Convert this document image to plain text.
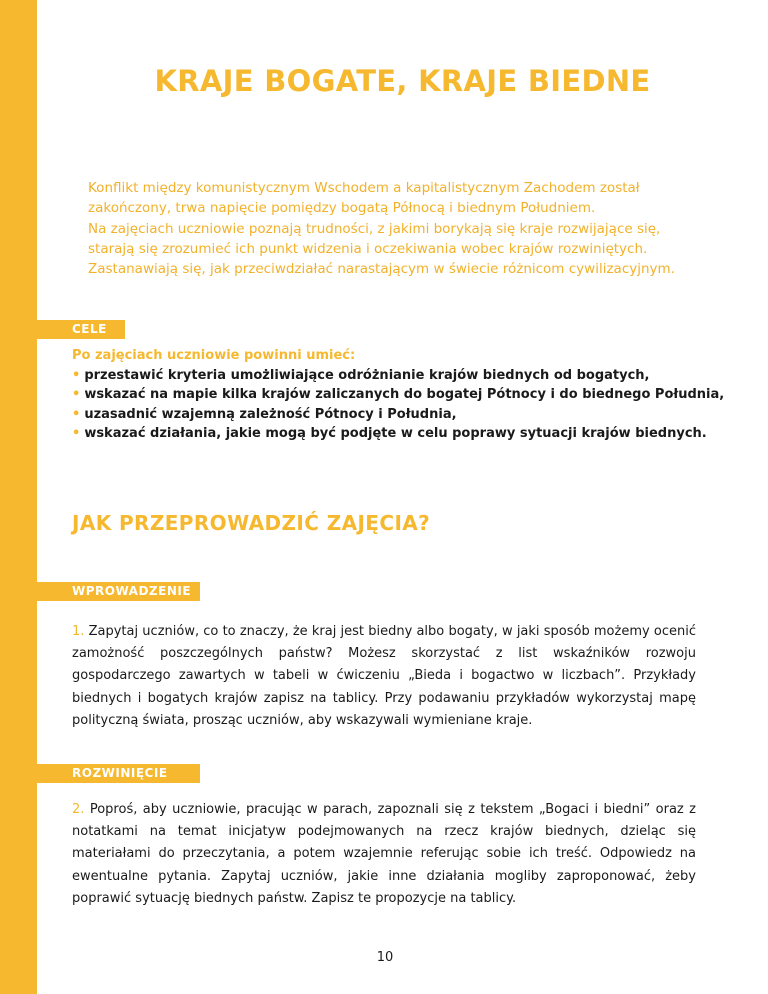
KRAJE BOGATE, KRAJE BIEDNE

Konflikt między komunistycznym Wschodem a kapitalistycznym Zachodem został zakończony, trwa napięcie pomiędzy bogatą Północą i biednym Południem.

Na zajęciach uczniowie poznają trudności, z jakimi borykają się kraje rozwijające się, starają się zrozumieć ich punkt widzenia i oczekiwania wobec krajów rozwiniętych. Zastanawiają się, jak przeciwdziałać narastającym w świecie różnicom cywilizacyjnym.

CELE
Po zajęciach uczniowie powinni umieć:
• przestawić kryteria umożliwiające odróżnianie krajów biednych od bogatych,
• wskazać na mapie kilka krajów zaliczanych do bogatej Pótnocy i do biednego Południa,
• uzasadnić wzajemną zależność Pótnocy i Południa,
• wskazać działania, jakie mogą być podjęte w celu poprawy sytuacji krajów biednych.
JAK PRZEPROWADZIĆ ZAJĘCIA?
WPROWADZENIE

1. Zapytaj uczniów, co to znaczy, że kraj jest biedny albo bogaty, w jaki sposób możemy ocenić zamożność poszczególnych państw? Możesz skorzystać z list wskaźników rozwoju gospodarczego zawartych w tabeli w ćwiczeniu „Bieda i bogactwo w liczbach”. Przykłady biednych i bogatych krajów zapisz na tablicy. Przy podawaniu przykładów wykorzystaj mapę polityczną świata, prosząc uczniów, aby wskazywali wymieniane kraje.

ROZWINIĘCIE

2. Poproś, aby uczniowie, pracując w parach, zapoznali się z tekstem „Bogaci i biedni” oraz z notatkami na temat inicjatyw podejmowanych na rzecz krajów biednych, dzieląc się materiałami do przeczytania, a potem wzajemnie referując sobie ich treść. Odpowiedz na ewentualne pytania. Zapytaj uczniów, jakie inne działania mogliby zaproponować, żeby poprawić sytuację biednych państw. Zapisz te propozycje na tablicy.

10
